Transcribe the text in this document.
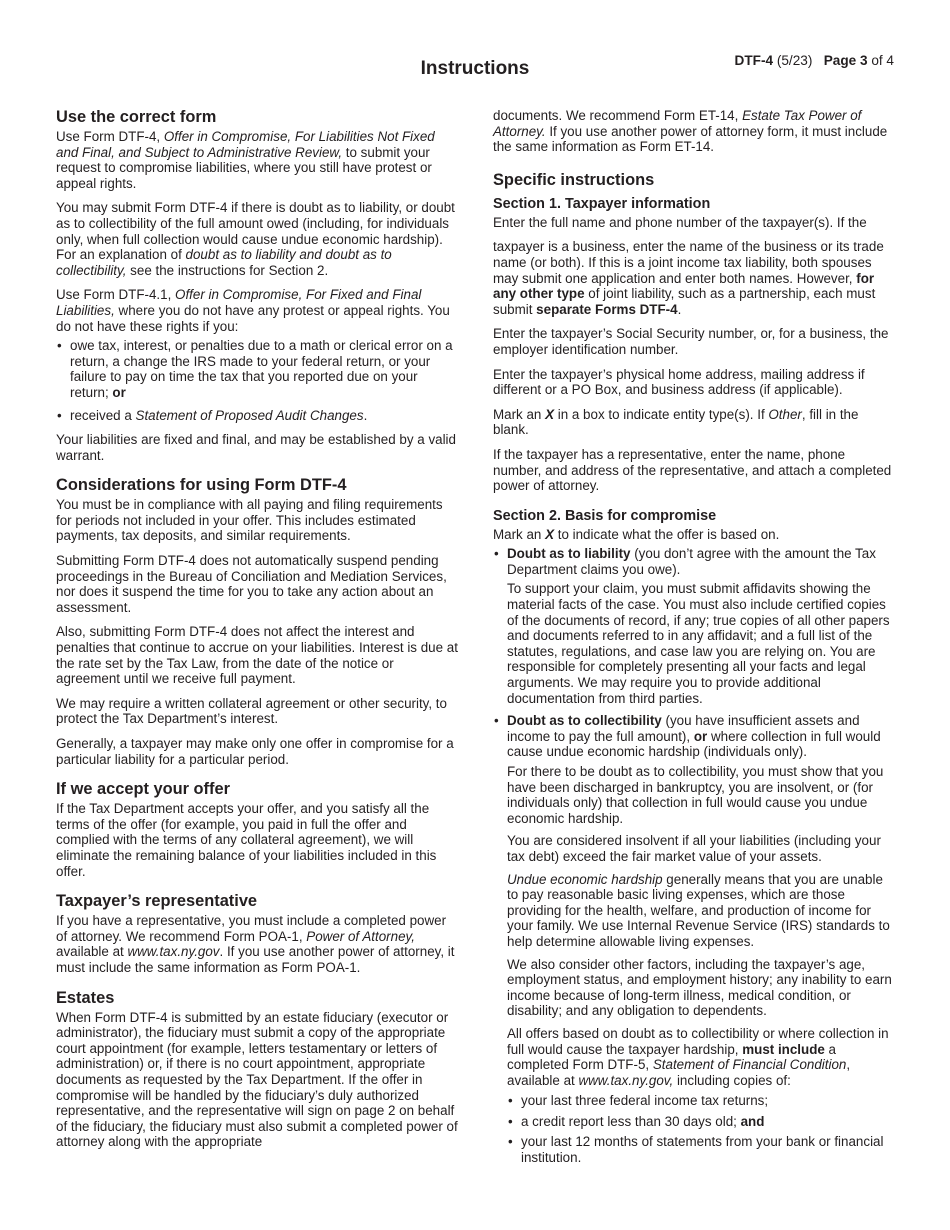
DTF-4 (5/23) Page 3 of 4
Instructions
Use the correct form

Use Form DTF-4, Offer in Compromise, For Liabilities Not Fixed and Final, and Subject to Administrative Review, to submit your request to compromise liabilities, where you still have protest or appeal rights.

You may submit Form DTF-4 if there is doubt as to liability, or doubt as to collectibility of the full amount owed (including, for individuals only, when full collection would cause undue economic hardship). For an explanation of doubt as to liability and doubt as to collectibility, see the instructions for Section 2.

Use Form DTF-4.1, Offer in Compromise, For Fixed and Final Liabilities, where you do not have any protest or appeal rights. You do not have these rights if you:

• owe tax, interest, or penalties due to a math or clerical error on a return, a change the IRS made to your federal return, or your failure to pay on time the tax that you reported due on your return; or
• received a Statement of Proposed Audit Changes.

Your liabilities are fixed and final, and may be established by a valid warrant.

Considerations for using Form DTF-4

You must be in compliance with all paying and filing requirements for periods not included in your offer. This includes estimated payments, tax deposits, and similar requirements.

Submitting Form DTF-4 does not automatically suspend pending proceedings in the Bureau of Conciliation and Mediation Services, nor does it suspend the time for you to take any action about an assessment.

Also, submitting Form DTF-4 does not affect the interest and penalties that continue to accrue on your liabilities. Interest is due at the rate set by the Tax Law, from the date of the notice or agreement until we receive full payment.

We may require a written collateral agreement or other security, to protect the Tax Department’s interest.

Generally, a taxpayer may make only one offer in compromise for a particular liability for a particular period.

If we accept your offer

If the Tax Department accepts your offer, and you satisfy all the terms of the offer (for example, you paid in full the offer and complied with the terms of any collateral agreement), we will eliminate the remaining balance of your liabilities included in this offer.

Taxpayer’s representative

If you have a representative, you must include a completed power of attorney. We recommend Form POA-1, Power of Attorney, available at www.tax.ny.gov. If you use another power of attorney, it must include the same information as Form POA-1.

Estates

When Form DTF-4 is submitted by an estate fiduciary (executor or administrator), the fiduciary must submit a copy of the appropriate court appointment (for example, letters testamentary or letters of administration) or, if there is no court appointment, appropriate documents as requested by the Tax Department. If the offer in compromise will be handled by the fiduciary’s duly authorized representative, and the representative will sign on page 2 on behalf of the fiduciary, the fiduciary must also submit a completed power of attorney along with the appropriate

documents. We recommend Form ET-14, Estate Tax Power of Attorney. If you use another power of attorney form, it must include the same information as Form ET-14.

Specific instructions
Section 1. Taxpayer information

Enter the full name and phone number of the taxpayer(s). If the

taxpayer is a business, enter the name of the business or its trade name (or both). If this is a joint income tax liability, both spouses may submit one application and enter both names. However, for any other type of joint liability, such as a partnership, each must submit separate Forms DTF-4.

Enter the taxpayer’s Social Security number, or, for a business, the employer identification number.

Enter the taxpayer’s physical home address, mailing address if different or a PO Box, and business address (if applicable).

Mark an X in a box to indicate entity type(s). If Other, fill in the blank.

If the taxpayer has a representative, enter the name, phone number, and address of the representative, and attach a completed power of attorney.

Section 2. Basis for compromise

Mark an X to indicate what the offer is based on.

• Doubt as to liability (you don’t agree with the amount the Tax Department claims you owe).

To support your claim, you must submit affidavits showing the material facts of the case. You must also include certified copies of the documents of record, if any; true copies of all other papers and documents referred to in any affidavit; and a full list of the statutes, regulations, and case law you are relying on. You are responsible for completely presenting all your facts and legal arguments. We may require you to provide additional documentation from third parties.

• Doubt as to collectibility (you have insufficient assets and income to pay the full amount), or where collection in full would cause undue economic hardship (individuals only).

For there to be doubt as to collectibility, you must show that you have been discharged in bankruptcy, you are insolvent, or (for individuals only) that collection in full would cause you undue economic hardship.

You are considered insolvent if all your liabilities (including your tax debt) exceed the fair market value of your assets.

Undue economic hardship generally means that you are unable to pay reasonable basic living expenses, which are those providing for the health, welfare, and production of income for your family. We use Internal Revenue Service (IRS) standards to help determine allowable living expenses.

We also consider other factors, including the taxpayer’s age, employment status, and employment history; any inability to earn income because of long-term illness, medical condition, or disability; and any obligation to dependents.

All offers based on doubt as to collectibility or where collection in full would cause the taxpayer hardship, must include a completed Form DTF-5, Statement of Financial Condition, available at www.tax.ny.gov, including copies of:

• your last three federal income tax returns;
• a credit report less than 30 days old; and
• your last 12 months of statements from your bank or financial institution.
